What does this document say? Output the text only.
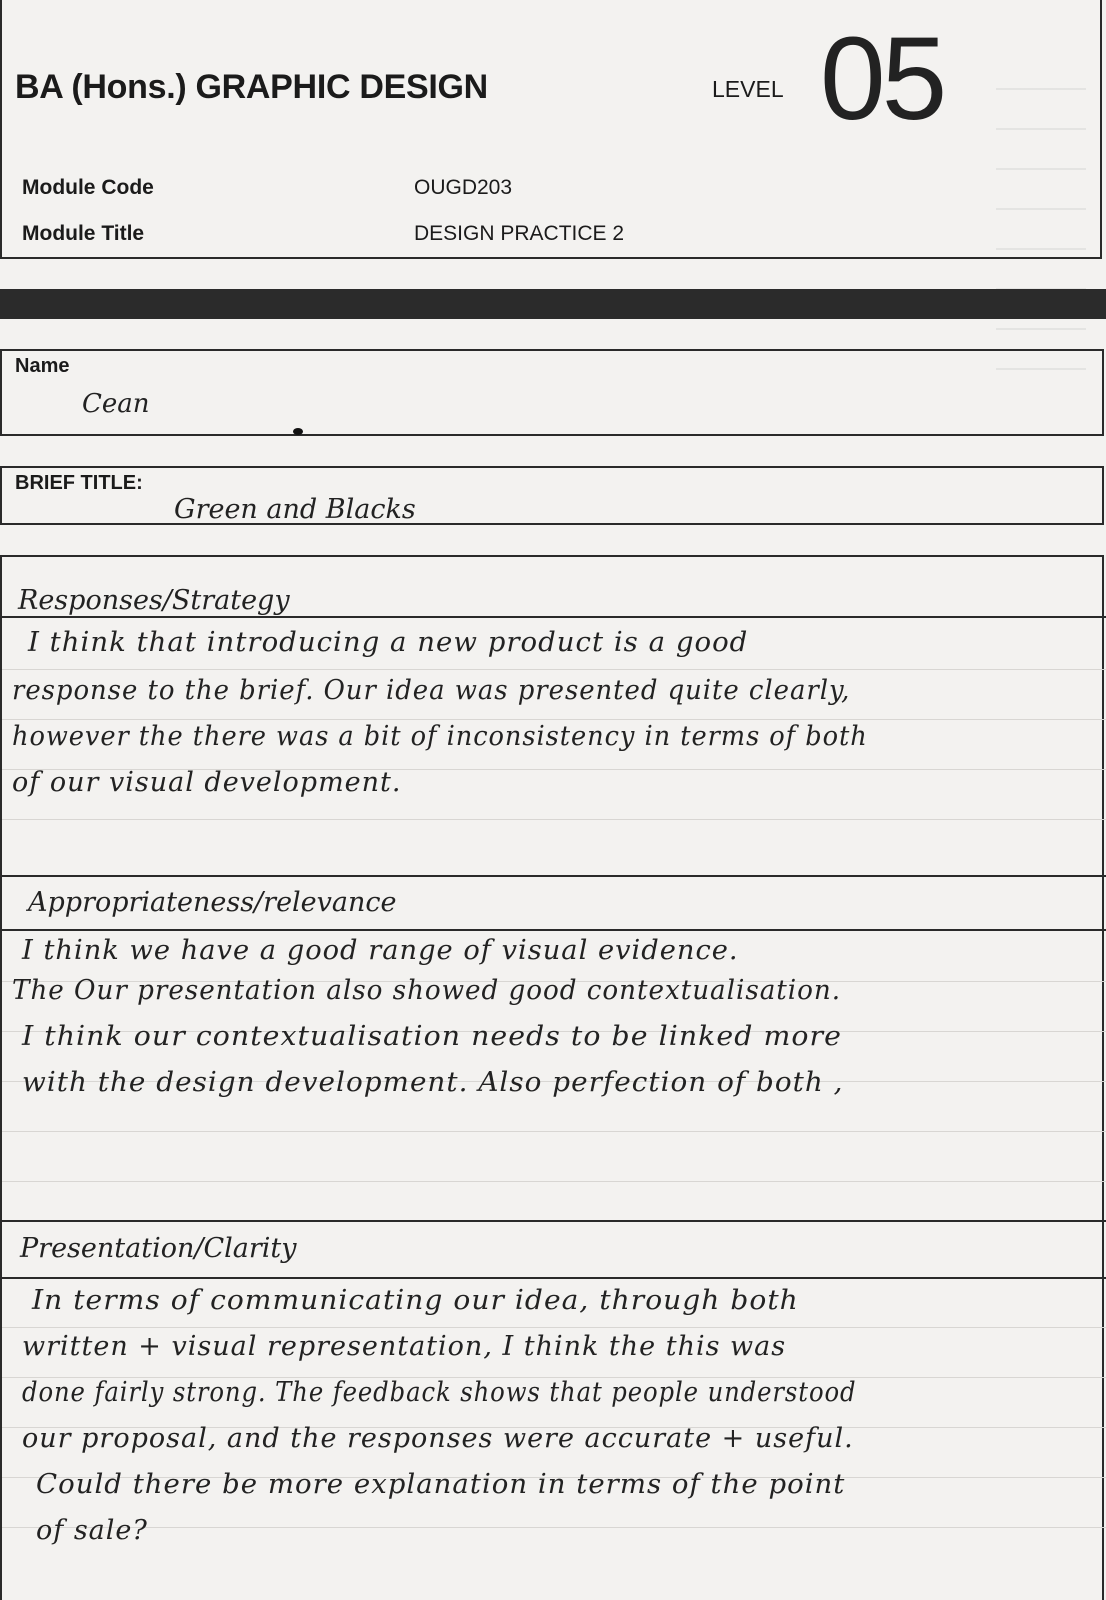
BA (Hons.) GRAPHIC DESIGN	LEVEL 05
Module Code	OUGD203
Module Title	DESIGN PRACTICE 2
Name
Cean
BRIEF TITLE:
Green and Blacks
Responses/Strategy
I think that introducing a new product is a good
response to the brief. Our idea was presented quite clearly,
however the there was a bit of inconsistency in terms of both
of our visual development.
Appropriateness/relevance
I think we have a good range of visual evidence.
The Our presentation also showed good contextualisation.
I think our contextualisation needs to be linked more
with the design development. Also perfection of both ,
Presentation/Clarity
In terms of communicating our idea, through both
written + visual representation, I think the this was
done fairly strong. The feedback shows that people understood
our proposal, and the responses were accurate + useful.
Could there be more explanation in terms of the point
of sale?
